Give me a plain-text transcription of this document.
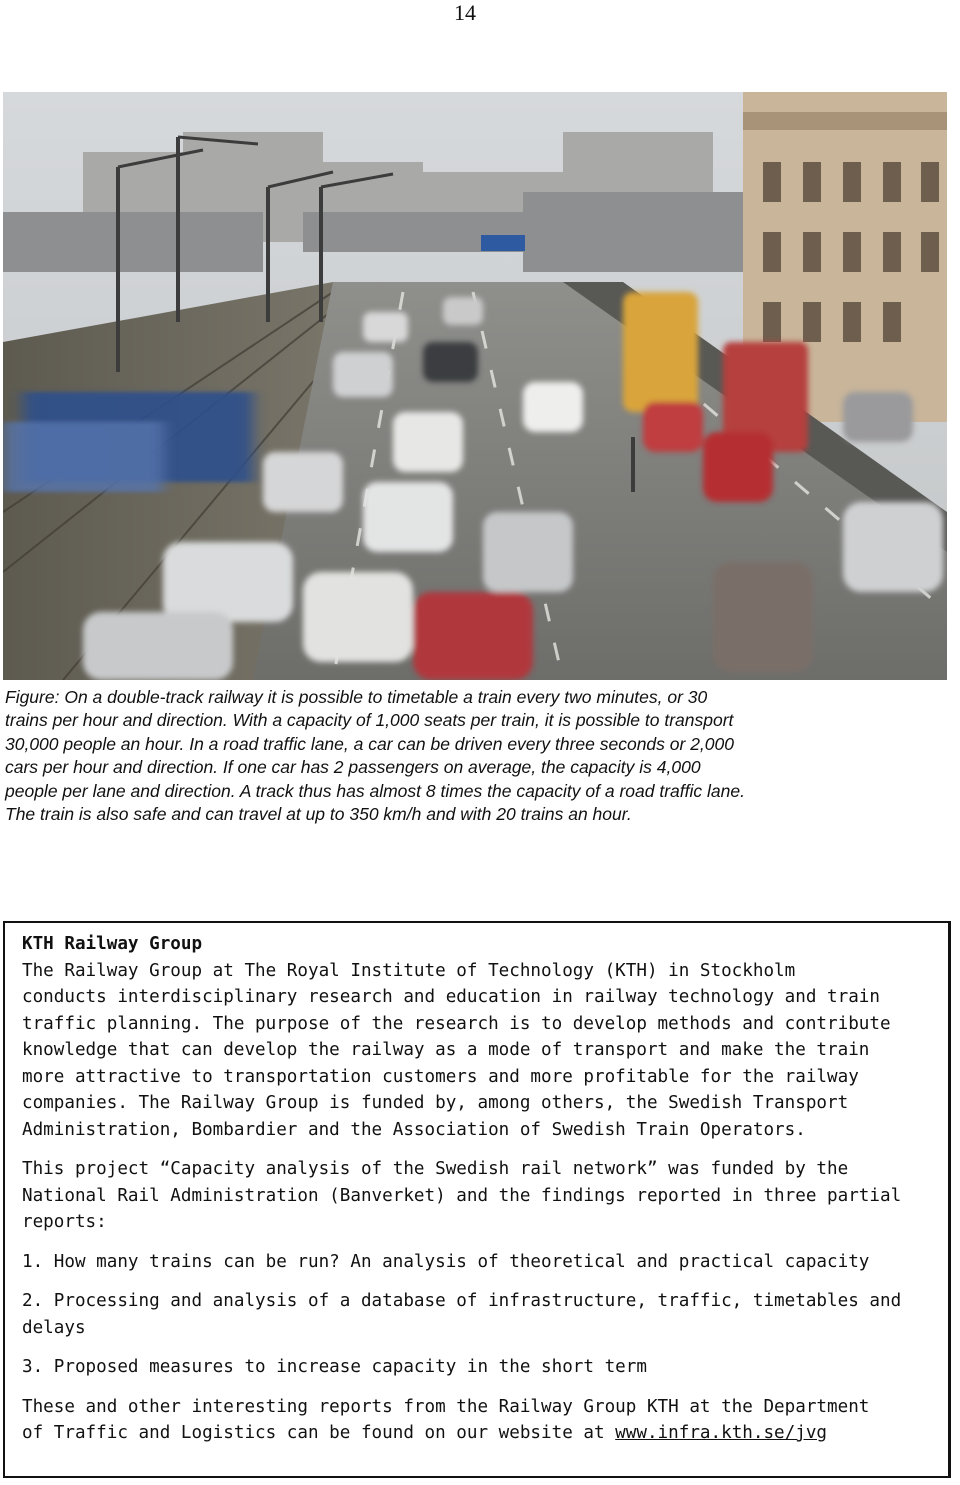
14
Figure: On a double-track railway it is possible to timetable a train every two minutes, or 30
trains per hour and direction. With a capacity of 1,000 seats per train, it is possible to transport
30,000 people an hour. In a road traffic lane, a car can be driven every three seconds or 2,000
cars per hour and direction. If one car has 2 passengers on average, the capacity is 4,000
people per lane and direction. A track thus has almost 8 times the capacity of a road traffic lane.
The train is also safe and can travel at up to 350 km/h and with 20 trains an hour.

KTH Railway Group

The Railway Group at The Royal Institute of Technology (KTH) in Stockholm
conducts interdisciplinary research and education in railway technology and train
traffic planning. The purpose of the research is to develop methods and contribute
knowledge that can develop the railway as a mode of transport and make the train
more attractive to transportation customers and more profitable for the railway
companies. The Railway Group is funded by, among others, the Swedish Transport
Administration, Bombardier and the Association of Swedish Train Operators.
This project “Capacity analysis of the Swedish rail network” was funded by the
National Rail Administration (Banverket) and the findings reported in three partial
reports:

1. How many trains can be run? An analysis of theoretical and practical capacity

2. Processing and analysis of a database of infrastructure, traffic, timetables and
delays

3. Proposed measures to increase capacity in the short term

These and other interesting reports from the Railway Group KTH at the Department
of Traffic and Logistics can be found on our website at www.infra.kth.se/jvg
